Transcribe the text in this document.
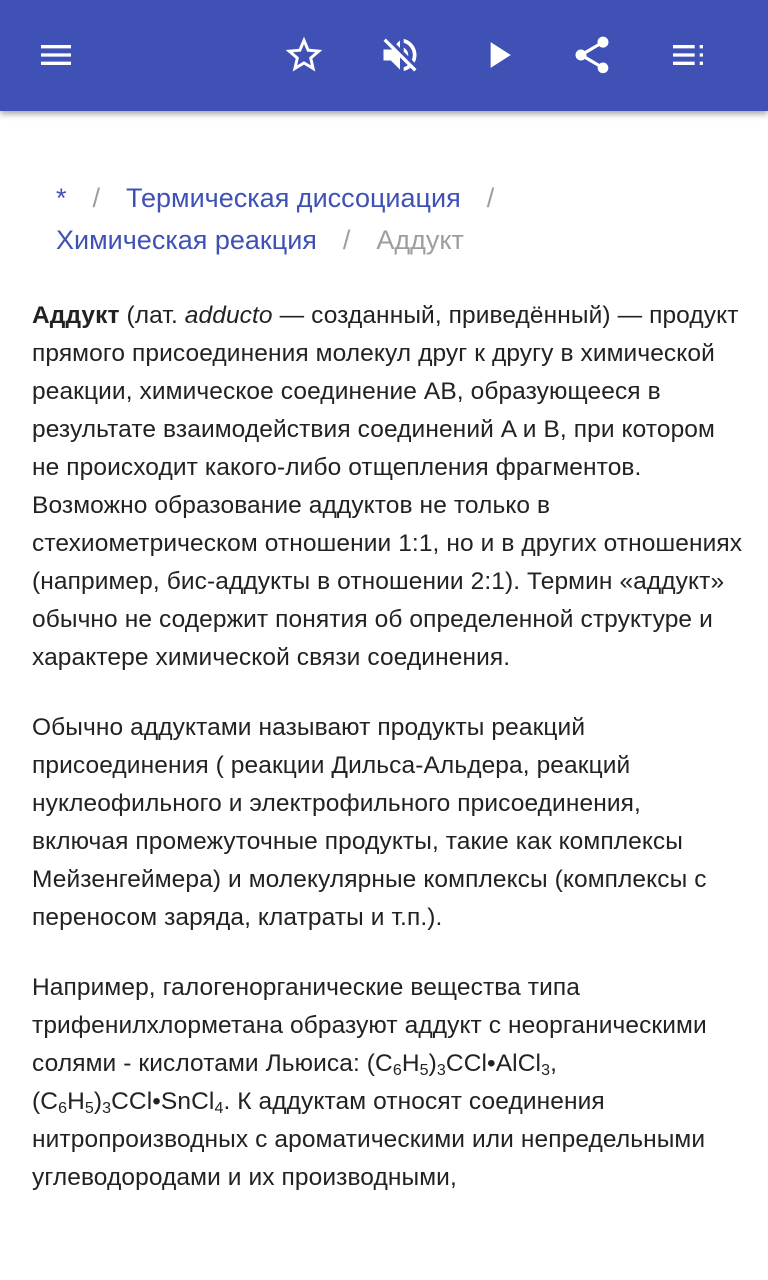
* / Термическая диссоциация /
Химическая реакция / Аддукт

Аддукт (лат. adducto — созданный, приведённый) — продукт прямого присоединения молекул друг к другу в химической реакции, химическое соединение AB, образующееся в результате взаимодействия соединений A и B, при котором не происходит какого-либо отщепления фрагментов. Возможно образование аддуктов не только в стехиометрическом отношении 1:1, но и в других отношениях (например, бис-аддукты в отношении 2:1). Термин «аддукт» обычно не содержит понятия об определенной структуре и характере химической связи соединения.

Обычно аддуктами называют продукты реакций присоединения ( реакции Дильса-Альдера, реакций нуклеофильного и электрофильного присоединения, включая промежуточные продукты, такие как комплексы Мейзенгеймера) и молекулярные комплексы (комплексы с переносом заряда, клатраты и т.п.).

Например, галогенорганические вещества типа трифенилхлорметана образуют аддукт с неорганическими солями - кислотами Льюиса: $(C_6H_5)_3CCl•AlCl_3$, $(C_6H_5)_3CCl•SnCl_4$. К аддуктам относят соединения нитропроизводных с ароматическими или непредельными углеводородами и их производными,
